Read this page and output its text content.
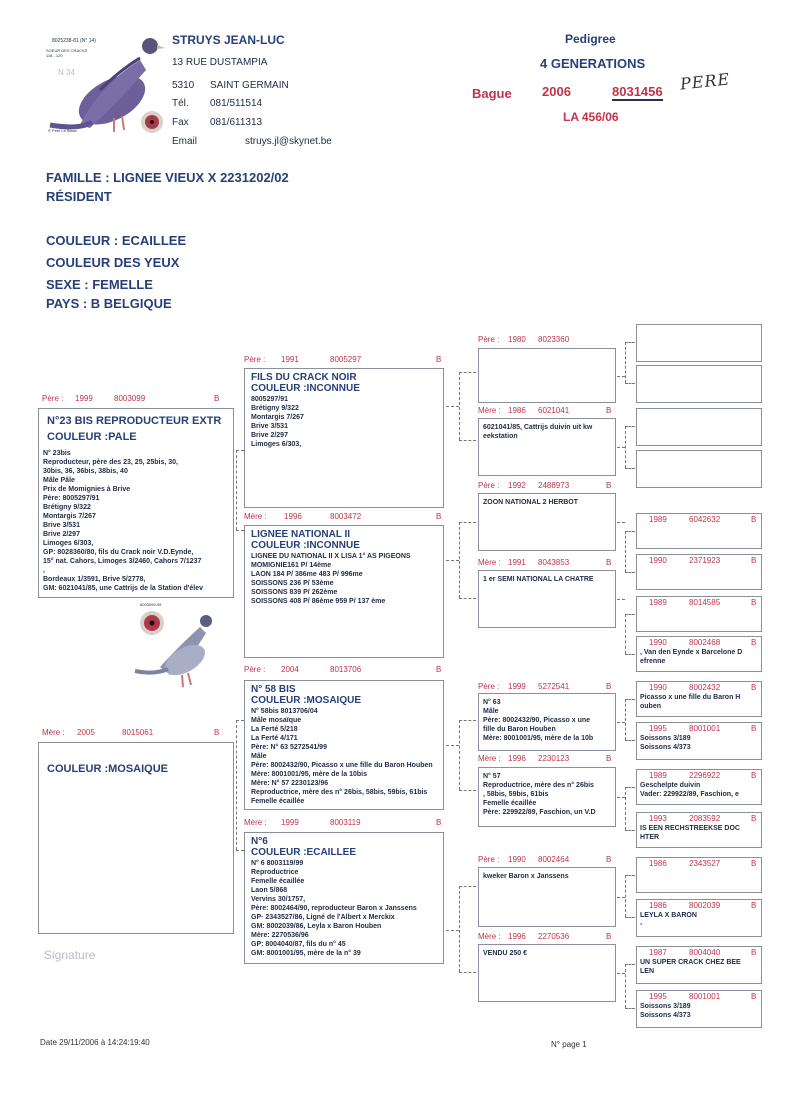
8025238-81 (N° 14)
SOEUR DES CRACKS
118 - 120
N 34
© Peet Le Blanc
STRUYS JEAN-LUC
13 RUE DUSTAMPIA
5310 SAINT GERMAIN
Tél. 081/511514
Fax 081/611313
Email	struys.jl@skynet.be
Pedigree
4 GENERATIONS
Bague 2006	8031456 PERE
LA 456/06
FAMILLE : LIGNEE VIEUX X 2231202/02
RÉSIDENT
COULEUR : ECAILLEE
COULEUR DES YEUX
SEXE : FEMELLE
PAYS : B BELGIQUE
Père : 1999	8003099	B
N°23 BIS REPRODUCTEUR EXTR
COULEUR :PALE
N° 23bis
Reproducteur, père des 23, 25, 25bis, 30,
30bis, 36, 36bis, 38bis, 40
Mâle Pâle
Prix de Momignies à Brive
Père: 8005297/91
Brétigny 9/322
Montargis 7/267
Brive 3/531
Brive 2/297
Limoges 6/303,
GP: 8028360/80, fils du Crack noir V.D.Eynde,
15° nat. Cahors, Limoges 3/2460, Cahors 7/1237
,
Bordeaux 1/3591, Brive 5/2778,
GM: 6021041/85, une Cattrijs de la Station d'élev
8003099-99
Mère : 2005	8015061	B
COULEUR :MOSAIQUE
Père : 1991	8005297	B
FILS DU CRACK NOIR
COULEUR :INCONNUE
8005297/91
Brétigny 9/322
Montargis 7/267
Brive 3/531
Brive 2/297
Limoges 6/303,
Mère : 1996	8003472	B
LIGNEE NATIONAL II
COULEUR :INCONNUE
LIGNEE DU NATIONAL II X LISA 1° AS PIGEONS
MOMIGNIE161 P/ 14ème
LAON 184 P/ 386me 483 P/ 996me
SOISSONS 236 P/ 53ème
SOISSONS 839 P/ 262ème
SOISSONS 408 P/ 86ème 959 P/ 137 ème
Père : 2004	8013706	B
N° 58 BIS
COULEUR :MOSAIQUE
N° 58bis 8013706/04
Mâle mosaïque
La Ferté 5/218
La Ferté 4/171
Père: N° 63 5272541/99
Mâle
Père: 8002432/90, Picasso x une fille du Baron Houben
Mère: 8001001/95, mère de la 10bis
Mère: N° 57 2230123/96
Reproductrice, mère des n° 26bis, 58bis, 59bis, 61bis
Femelle écaillée
Mère : 1999	8003119	B
N°6
COULEUR :ECAILLEE
N° 6 8003119/99
Reproductrice
Femelle écaillée
Laon 5/868
Vervins 30/1757,
Père: 8002464/90, reproducteur Baron x Janssens
GP· 2343527/86, Ligné de l'Albert x Merckix
GM: 8002039/86, Leyla x Baron Houben
Mère: 2270536/96
GP: 8004040/87, fils du n° 45
GM: 8001001/95, mère de la n° 39
Père : 1980 8023360
Mère : 1986 6021041	B
6021041/85, Cattrijs duivin uit kw
eekstation
Père : 1992 2488973	B
ZOON NATIONAL 2 HERBOT
Mère : 1991 8043853	B
1 er SEMI NATIONAL LA CHATRE
Père : 1999 5272541	B
N° 63
Mâle
Père: 8002432/90, Picasso x une
fille du Baron Houben
Mère: 8001001/95, mère de la 10b
Mère : 1996 2230123	B
N° 57
Reproductrice, mère des n° 26bis
, 58bis, 59bis, 61bis
Femelle écaillée
Père: 229922/89, Faschion, un V.D
Père : 1990 8002464	B
kweker Baron x Janssens
Mère : 1996 2270536	B
VENDU 250 €
1989	6042632	B
1990	2371923	B
1989	8014585	B
1990	8002468	B
, Van den Eynde x Barcelone D
efrenne
1990	8002432	B
Picasso x une fille du Baron H
ouben
1995	8001001	B
Soissons 3/189
Soissons 4/373
1989	2296922	B
Geschelpte duivin
Vader: 229922/89, Faschion, e
1993	2083592	B
IS EEN RECHSTREEKSE DOC
HTER
1986	2343527	B
1986	8002039	B
LEYLA X BARON
-
1987	8004040	B
UN SUPER CRACK CHEZ BEE
LEN
1995	8001001	B
Soissons 3/189
Soissons 4/373
Signature
Date 29/11/2006 à 14:24:19:40	N° page 1
